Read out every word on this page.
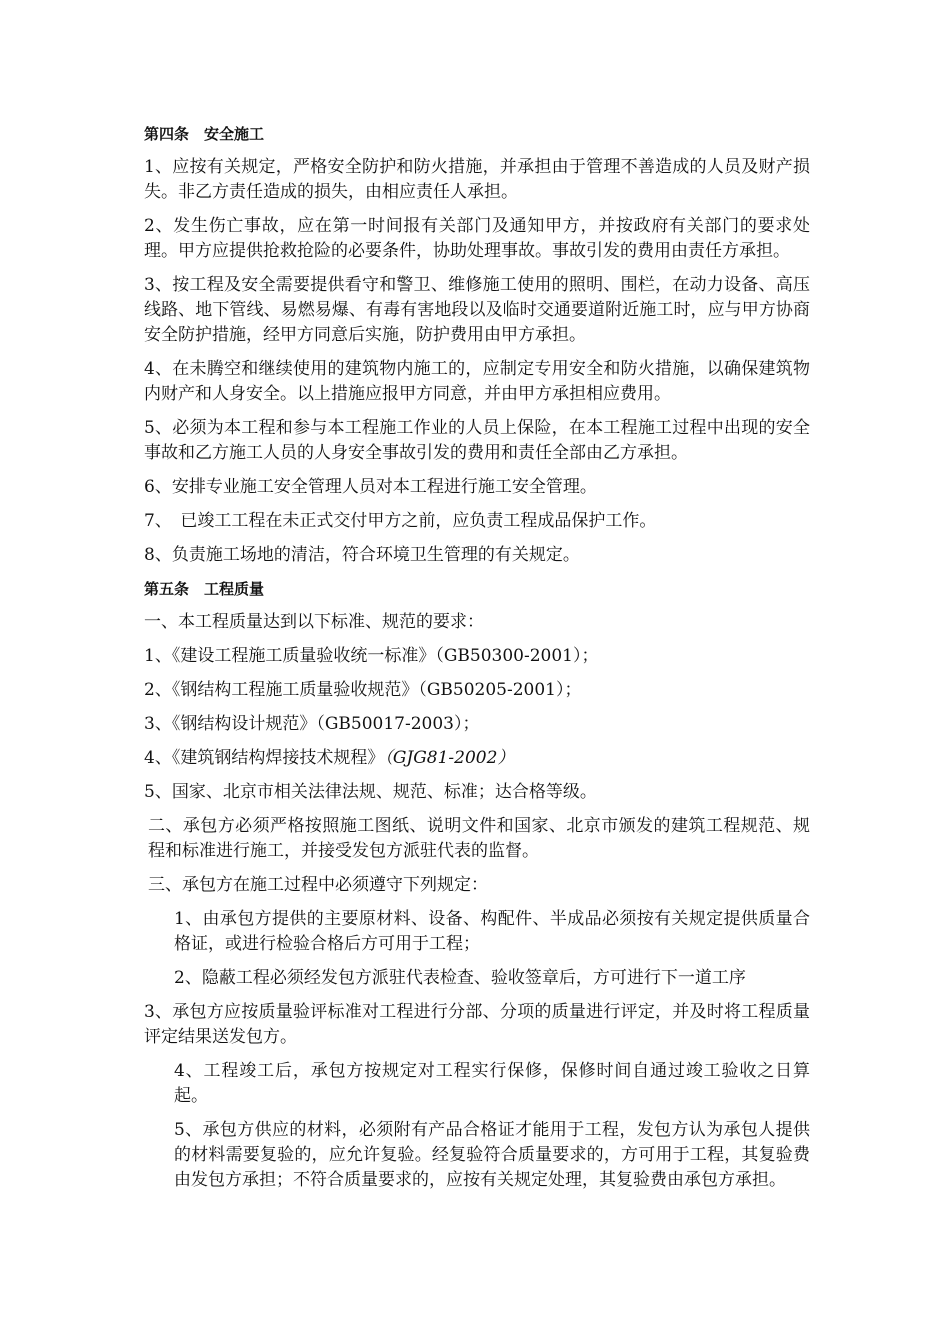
第四条　安全施工
1、应按有关规定，严格安全防护和防火措施，并承担由于管理不善造成的人员及财产损失。非乙方责任造成的损失，由相应责任人承担。
2、发生伤亡事故，应在第一时间报有关部门及通知甲方，并按政府有关部门的要求处理。甲方应提供抢救抢险的必要条件，协助处理事故。事故引发的费用由责任方承担。
3、按工程及安全需要提供看守和警卫、维修施工使用的照明、围栏，在动力设备、高压线路、地下管线、易燃易爆、有毒有害地段以及临时交通要道附近施工时，应与甲方协商安全防护措施，经甲方同意后实施，防护费用由甲方承担。
4、在未腾空和继续使用的建筑物内施工的，应制定专用安全和防火措施，以确保建筑物内财产和人身安全。以上措施应报甲方同意，并由甲方承担相应费用。
5、必须为本工程和参与本工程施工作业的人员上保险，在本工程施工过程中出现的安全事故和乙方施工人员的人身安全事故引发的费用和责任全部由乙方承担。
6、安排专业施工安全管理人员对本工程进行施工安全管理。
7、　已竣工工程在未正式交付甲方之前，应负责工程成品保护工作。
8、负责施工场地的清洁，符合环境卫生管理的有关规定。
第五条　工程质量
一、本工程质量达到以下标准、规范的要求：
1、《建设工程施工质量验收统一标准》（GB50300-2001）；
2、《钢结构工程施工质量验收规范》（GB50205-2001）；
3、《钢结构设计规范》（GB50017-2003）；
4、《建筑钢结构焊接技术规程》（GJG81-2002）
5、国家、北京市相关法律法规、规范、标准；达合格等级。
二、承包方必须严格按照施工图纸、说明文件和国家、北京市颁发的建筑工程规范、规程和标准进行施工，并接受发包方派驻代表的监督。
三、承包方在施工过程中必须遵守下列规定：
1、由承包方提供的主要原材料、设备、构配件、半成品必须按有关规定提供质量合格证，或进行检验合格后方可用于工程；
2、隐蔽工程必须经发包方派驻代表检查、验收签章后，方可进行下一道工序
3、承包方应按质量验评标准对工程进行分部、分项的质量进行评定，并及时将工程质量评定结果送发包方。
4、工程竣工后，承包方按规定对工程实行保修，保修时间自通过竣工验收之日算起。
5、承包方供应的材料，必须附有产品合格证才能用于工程，发包方认为承包人提供的材料需要复验的，应允许复验。经复验符合质量要求的，方可用于工程，其复验费由发包方承担；不符合质量要求的，应按有关规定处理，其复验费由承包方承担。
